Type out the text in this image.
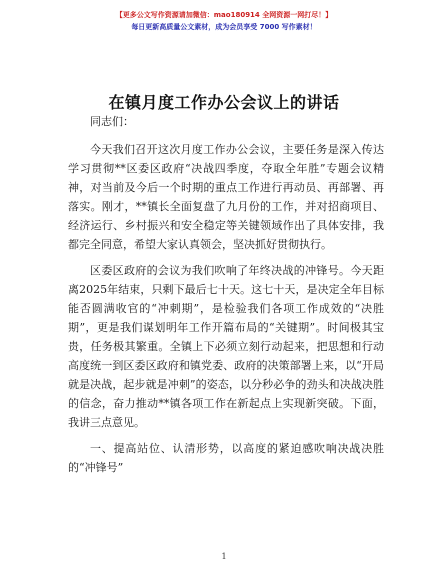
【更多公文写作资源请加微信：mao180914 全网资源一网打尽！】
每日更新高质量公文素材，成为会员享受 7000 写作素材！
在镇月度工作办公会议上的讲话

同志们：

今天我们召开这次月度工作办公会议，主要任务是深入传达学习贯彻**区委区政府“决战四季度，夺取全年胜”专题会议精神，对当前及今后一个时期的重点工作进行再动员、再部署、再落实。刚才，**镇长全面复盘了九月份的工作，并对招商项目、经济运行、乡村振兴和安全稳定等关键领域作出了具体安排，我都完全同意，希望大家认真领会，坚决抓好贯彻执行。

区委区政府的会议为我们吹响了年终决战的冲锋号。今天距离2025年结束，只剩下最后七十天。这七十天，是决定全年目标能否圆满收官的“冲刺期”，是检验我们各项工作成效的“决胜期”，更是我们谋划明年工作开篇布局的“关键期”。时间极其宝贵，任务极其繁重。全镇上下必须立刻行动起来，把思想和行动高度统一到区委区政府和镇党委、政府的决策部署上来，以“开局就是决战，起步就是冲刺”的姿态，以分秒必争的劲头和决战决胜的信念，奋力推动**镇各项工作在新起点上实现新突破。下面，我讲三点意见。

一、提高站位、认清形势，以高度的紧迫感吹响决战决胜的“冲锋号”

1
